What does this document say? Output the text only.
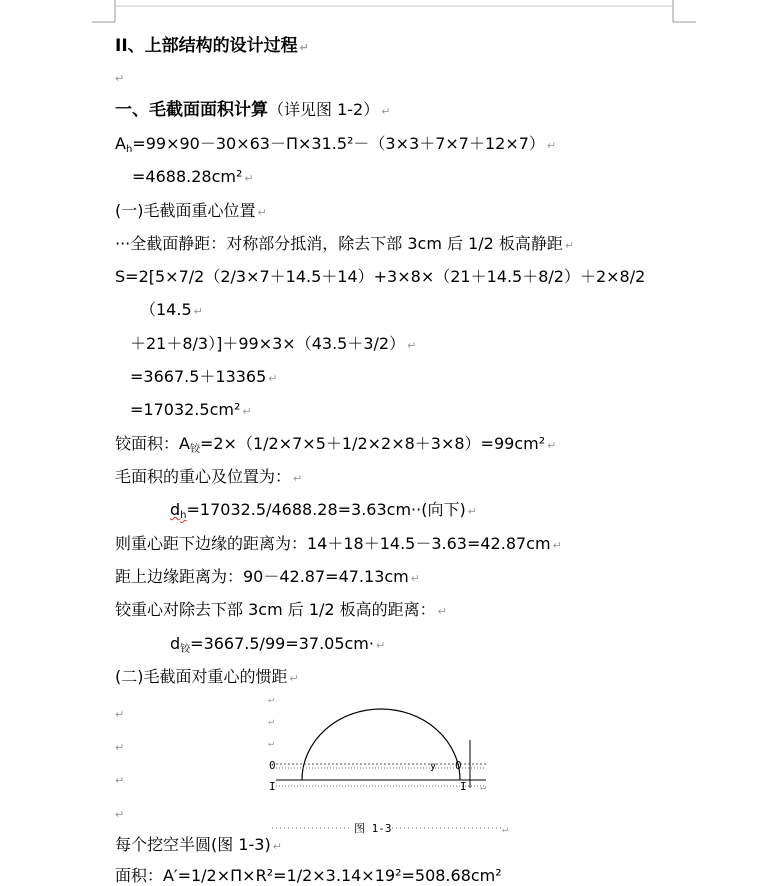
II、上部结构的设计过程 ↵
↵
一、毛截面面积计算（详见图 1-2） ↵
$A_h=99\times 90-30\times 63-\Pi\times 31.5^2-(3\times 3+7\times 7+12\times 7)$ ↵
=4688.28cm² ↵
(一)毛截面重心位置 ↵
···全截面静距：对称部分抵消，除去下部 3cm 后 1/2 板高静距 ↵
S=2[5×7/2（2/3×7＋14.5＋14）+3×8×（21＋14.5＋8/2）＋2×8/2
（14.5 ↵
＋21＋8/3）]＋99×3×（43.5＋3/2） ↵
=3667.5＋13365 ↵
=17032.5cm² ↵
铰面积：$A_铰=2\times(1/2\times 7\times 5+1/2\times 2\times 8+3\times 8)=99cm^2$ ↵
毛面积的重心及位置为： ↵
$d_h=17032.5/4688.28=3.63cm\cdot\cdot$(向下) ↵
则重心距下边缘的距离为：14＋18＋14.5－3.63=42.87cm ↵
距上边缘距离为：90－42.87=47.13cm ↵
铰重心对除去下部 3cm 后 1/2 板高的距离： ↵
$d_铰=3667.5/99=37.05cm\cdot$ ↵
(二)毛截面对重心的惯距 ↵
↵
↵
↵
↵
↵
↵
↵
0
I
y 0
I ↵
图 1-3	↵
每个挖空半圆(图 1-3) ↵
面积：A′=1/2×Π×R²=1/2×3.14×19²=508.68cm²
